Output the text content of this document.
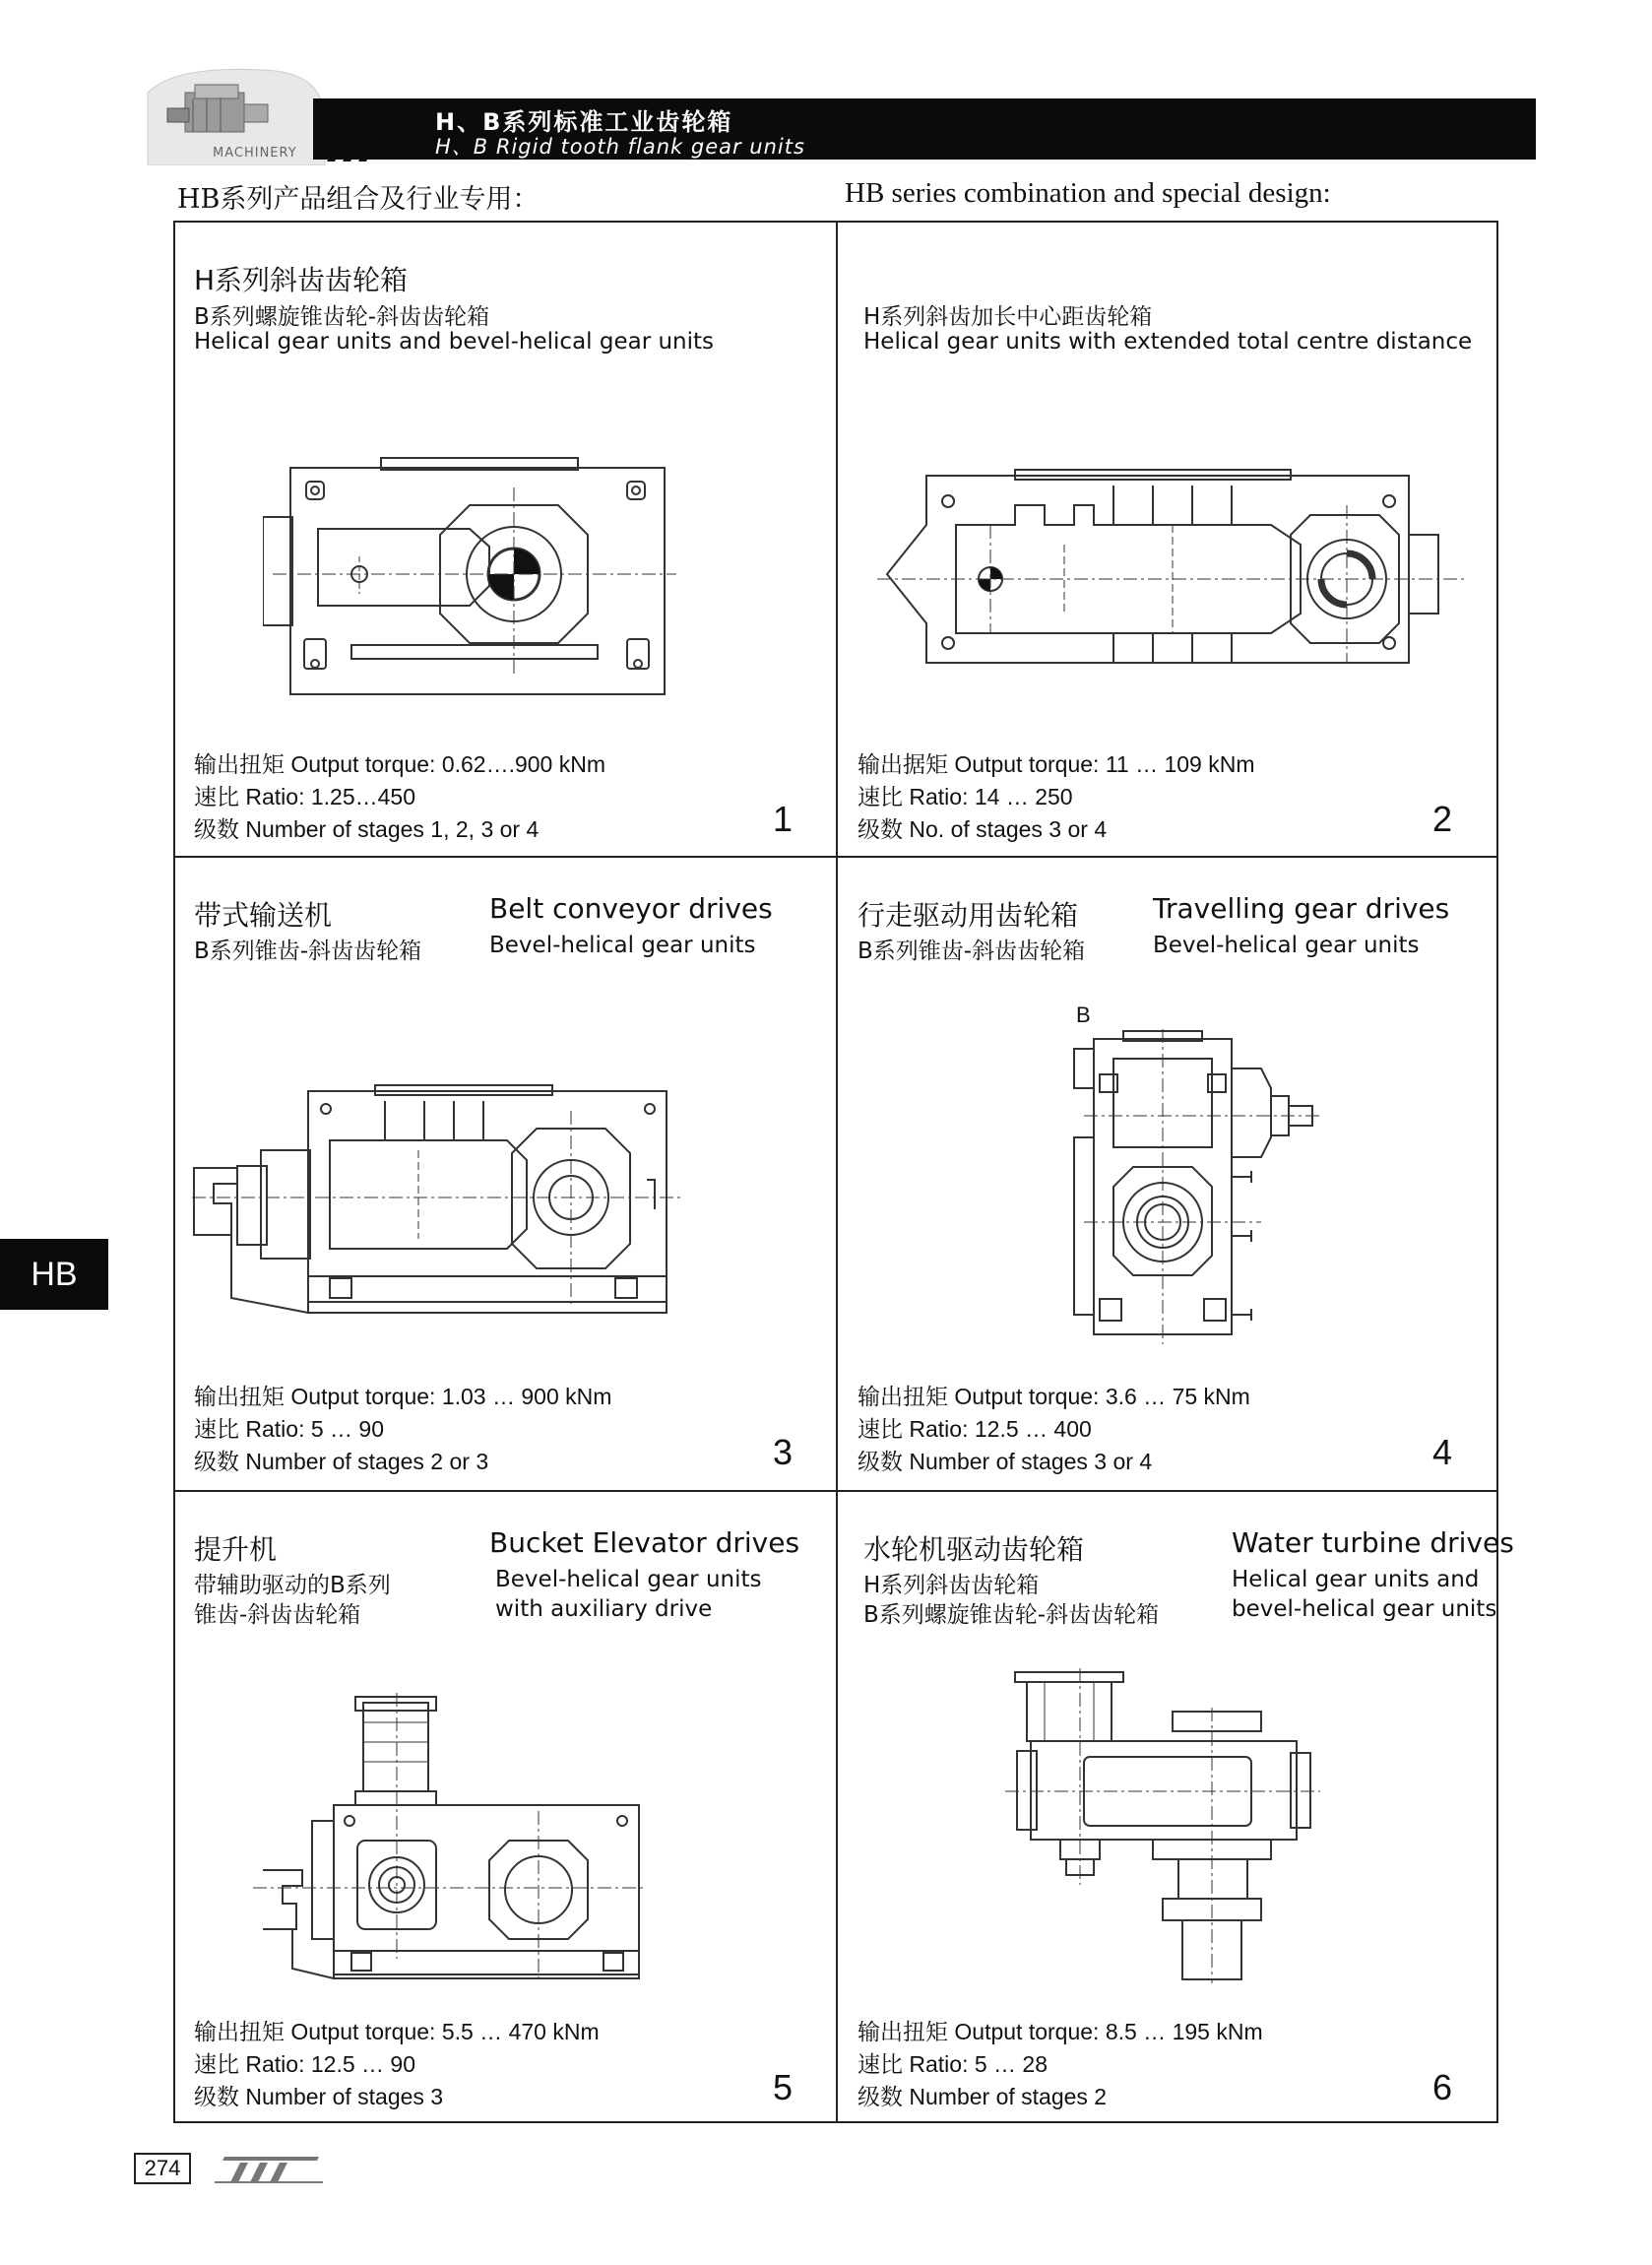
MACHINERY
H、B系列标准工业齿轮箱
H、B Rigid tooth flank gear units
HB系列产品组合及行业专用：	HB series combination and special design:
H系列斜齿齿轮箱
B系列螺旋锥齿轮-斜齿齿轮箱
Helical gear units and bevel-helical gear units
输出扭矩 Output torque: 0.62….900 kNm
速比 Ratio: 1.25…450
级数 Number of stages 1, 2, 3 or 4	1
H系列斜齿加长中心距齿轮箱
Helical gear units with extended total centre distance
输出据矩 Output torque: 11 … 109 kNm
速比 Ratio: 14 … 250
级数 No. of stages 3 or 4	2
带式输送机	Belt conveyor drives
B系列锥齿-斜齿齿轮箱	Bevel-helical gear units
输出扭矩 Output torque: 1.03 … 900 kNm
速比 Ratio: 5 … 90
级数 Number of stages 2 or 3	3
行走驱动用齿轮箱	Travelling gear drives
B系列锥齿-斜齿齿轮箱	Bevel-helical gear units
B
输出扭矩 Output torque: 3.6 … 75 kNm
速比 Ratio: 12.5 … 400
级数 Number of stages 3 or 4	4
提升机	Bucket Elevator drives
带辅助驱动的B系列
锥齿-斜齿齿轮箱
Bevel-helical gear units
with auxiliary drive
输出扭矩 Output torque: 5.5 … 470 kNm
速比 Ratio: 12.5 … 90
级数 Number of stages 3	5
水轮机驱动齿轮箱	Water turbine drives
H系列斜齿齿轮箱
B系列螺旋锥齿轮-斜齿齿轮箱
Helical gear units and
bevel-helical gear units
输出扭矩 Output torque: 8.5 … 195 kNm
速比 Ratio: 5 … 28
级数 Number of stages 2	6
HB
274
